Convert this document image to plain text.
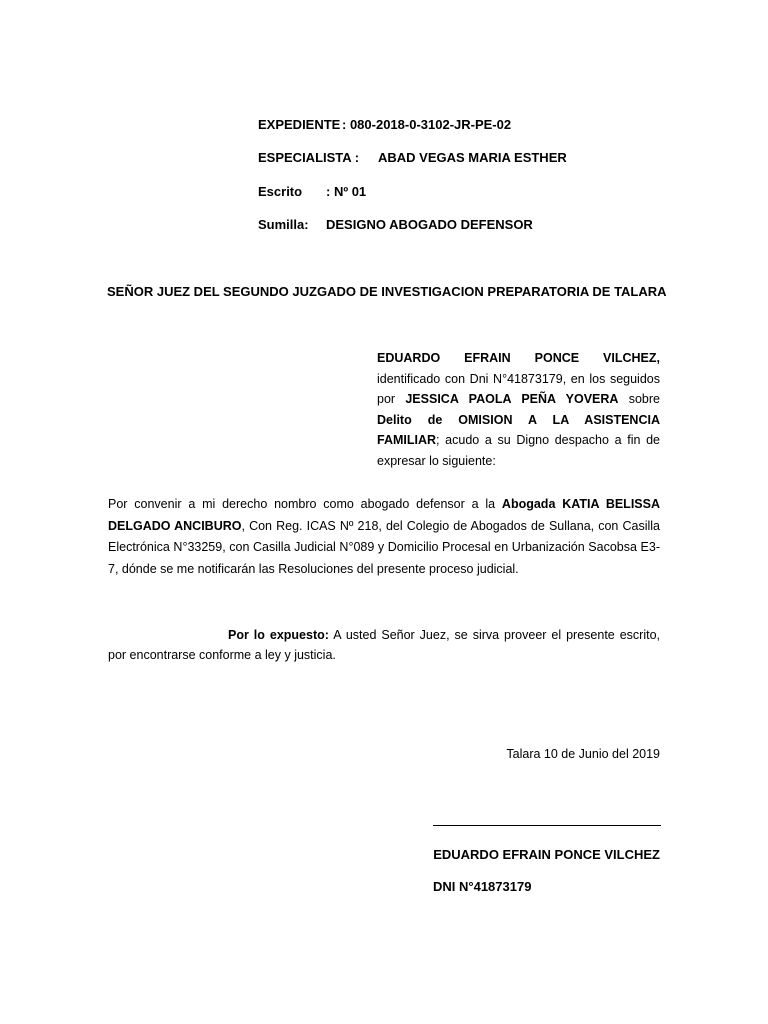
EXPEDIENTE : 080-2018-0-3102-JR-PE-02
ESPECIALISTA : ABAD VEGAS MARIA ESTHER
Escrito : Nº 01
Sumilla: DESIGNO ABOGADO DEFENSOR
SEÑOR JUEZ DEL SEGUNDO JUZGADO DE INVESTIGACION PREPARATORIA DE TALARA
EDUARDO EFRAIN PONCE VILCHEZ, identificado con Dni N°41873179, en los seguidos por JESSICA PAOLA PEÑA YOVERA sobre Delito de OMISION A LA ASISTENCIA FAMILIAR; acudo a su Digno despacho a fin de expresar lo siguiente:
Por convenir a mi derecho nombro como abogado defensor a la Abogada KATIA BELISSA DELGADO ANCIBURO, Con Reg. ICAS Nº 218, del Colegio de Abogados de Sullana, con Casilla Electrónica N°33259, con Casilla Judicial N°089 y Domicilio Procesal en Urbanización Sacobsa E3-7, dónde se me notificarán las Resoluciones del presente proceso judicial.
Por lo expuesto: A usted Señor Juez, se sirva proveer el presente escrito, por encontrarse conforme a ley y justicia.
Talara 10 de Junio del 2019
EDUARDO EFRAIN PONCE VILCHEZ
DNI N°41873179
